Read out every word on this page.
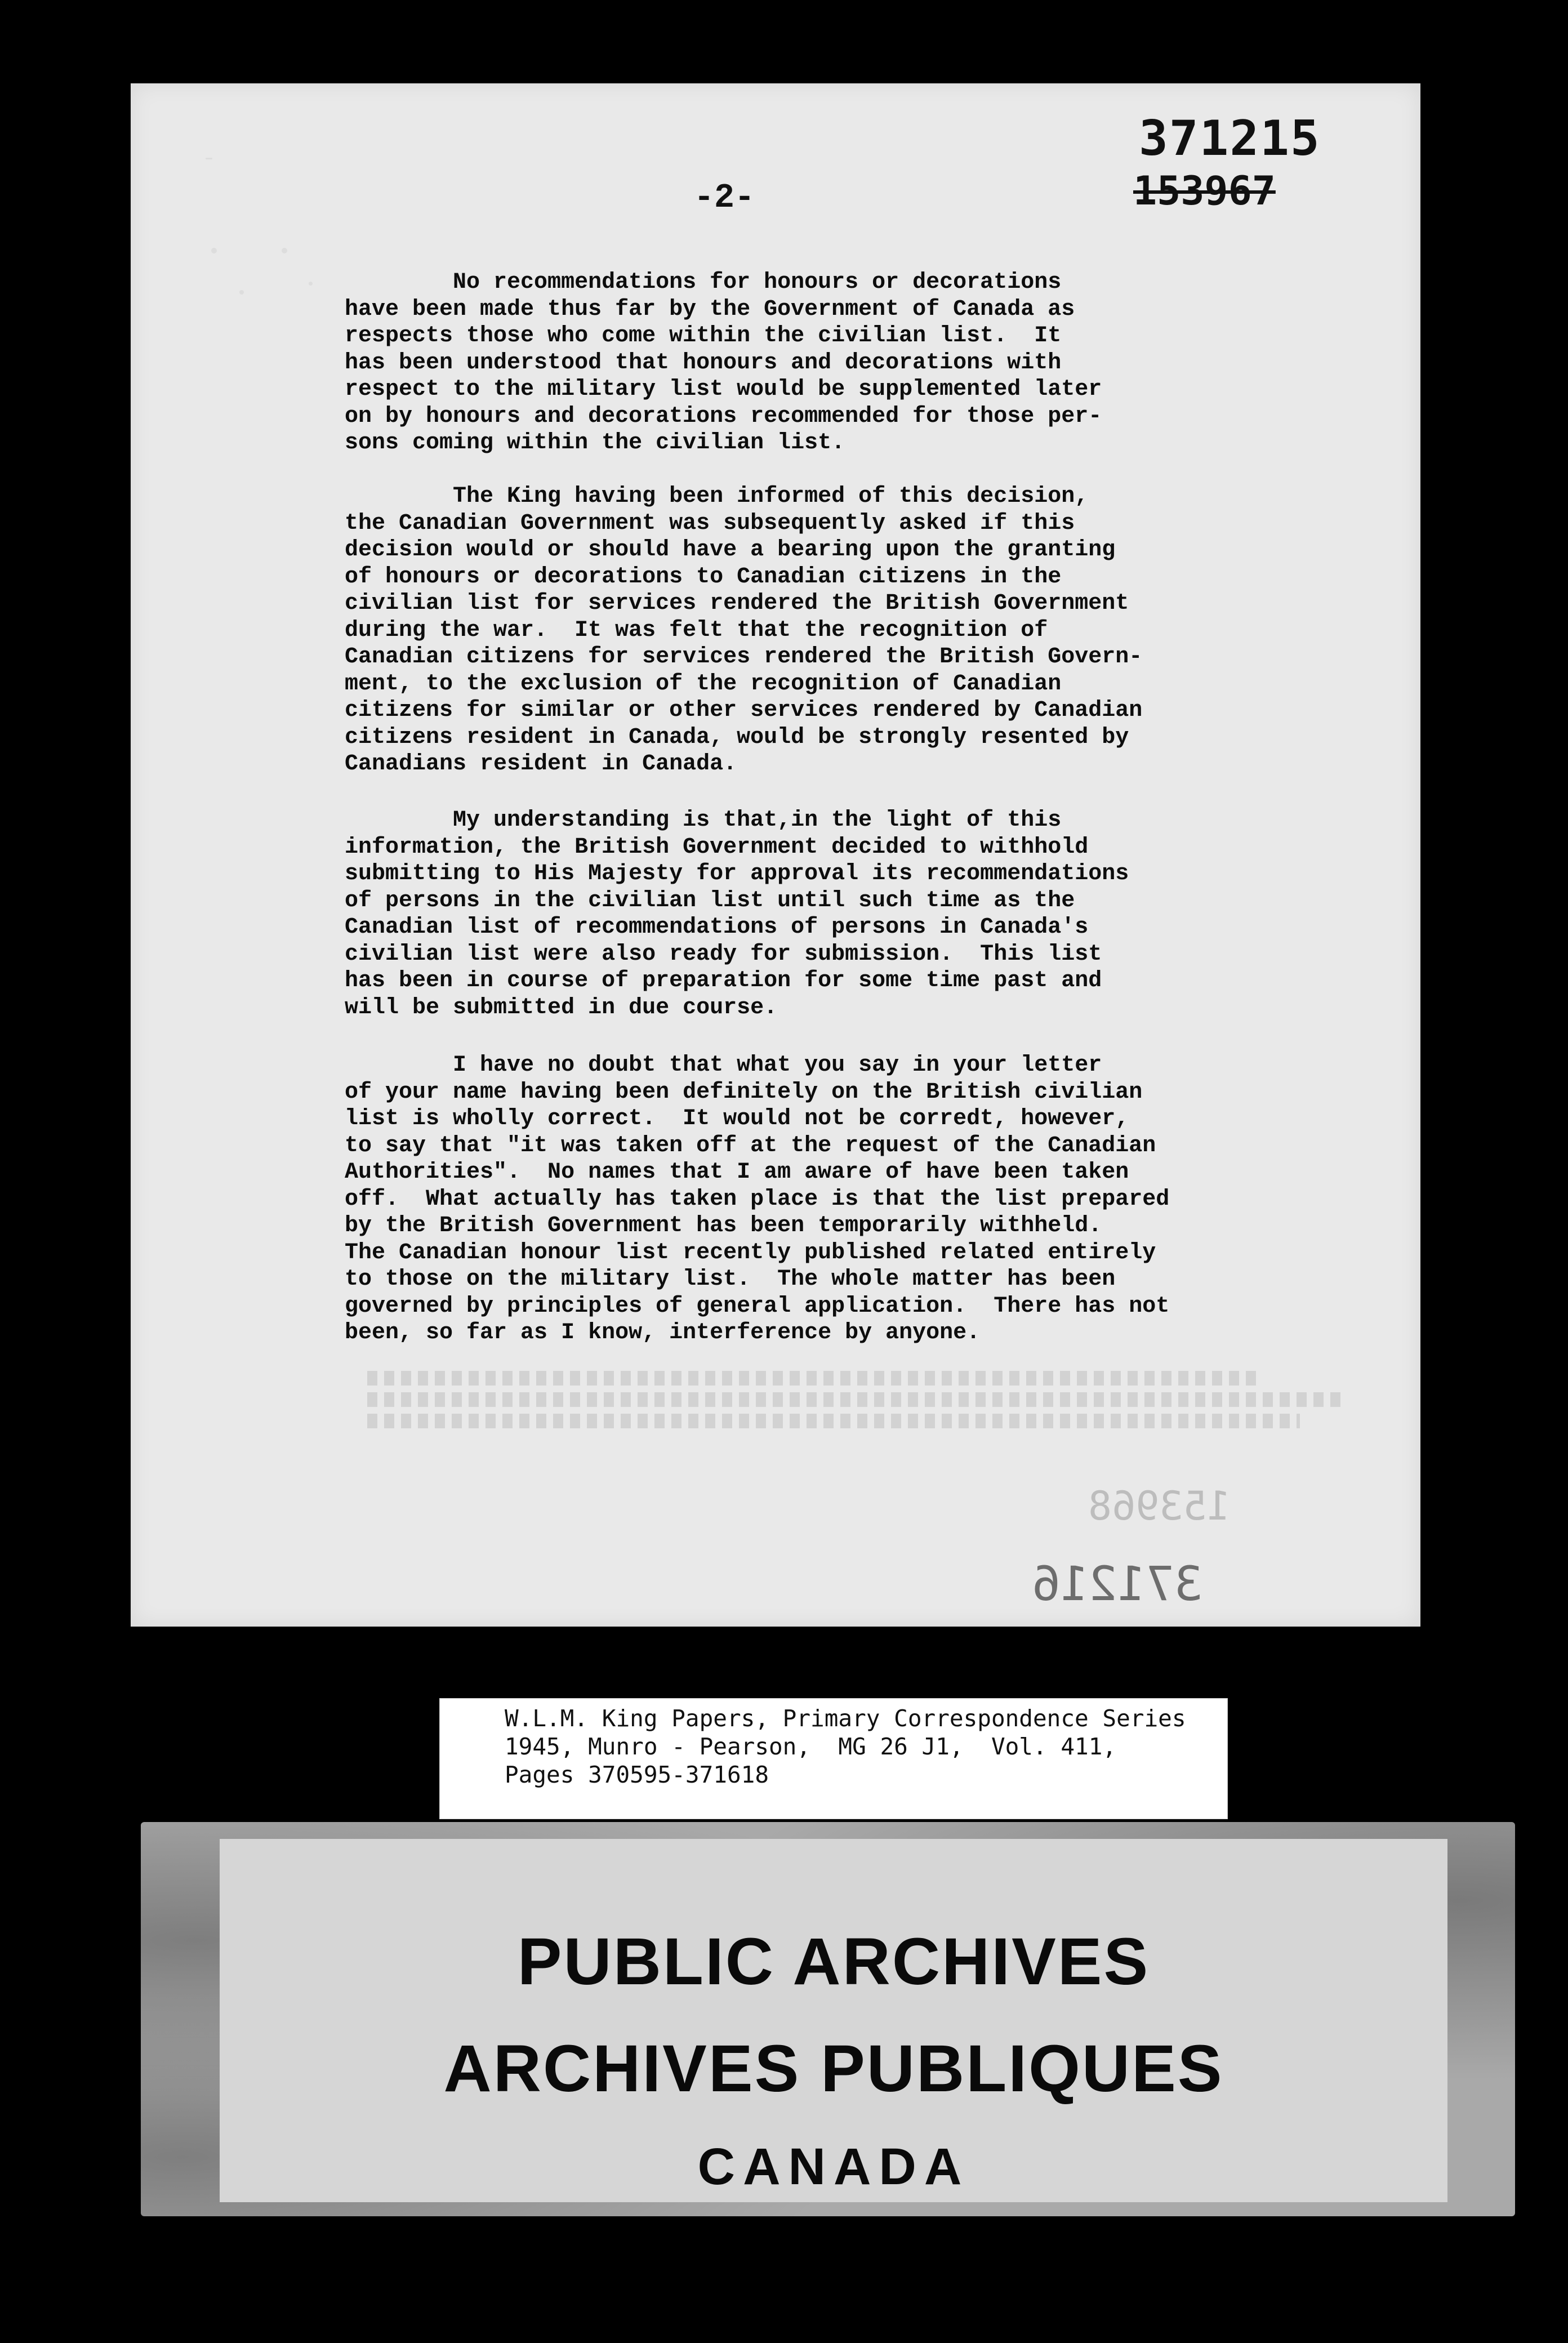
371215
153967
-2-

No recommendations for honours or decorations
have been made thus far by the Government of Canada as
respects those who come within the civilian list.  It
has been understood that honours and decorations with
respect to the military list would be supplemented later
on by honours and decorations recommended for those per-
sons coming within the civilian list.

The King having been informed of this decision,
the Canadian Government was subsequently asked if this
decision would or should have a bearing upon the granting
of honours or decorations to Canadian citizens in the
civilian list for services rendered the British Government
during the war.  It was felt that the recognition of
Canadian citizens for services rendered the British Govern-
ment, to the exclusion of the recognition of Canadian
citizens for similar or other services rendered by Canadian
citizens resident in Canada, would be strongly resented by
Canadians resident in Canada.

My understanding is that,in the light of this
information, the British Government decided to withhold
submitting to His Majesty for approval its recommendations
of persons in the civilian list until such time as the
Canadian list of recommendations of persons in Canada's
civilian list were also ready for submission.  This list
has been in course of preparation for some time past and
will be submitted in due course.

I have no doubt that what you say in your letter
of your name having been definitely on the British civilian
list is wholly correct.  It would not be corredt, however,
to say that "it was taken off at the request of the Canadian
Authorities".  No names that I am aware of have been taken
off.  What actually has taken place is that the list prepared
by the British Government has been temporarily withheld.
The Canadian honour list recently published related entirely
to those on the military list.  The whole matter has been
governed by principles of general application.  There has not
been, so far as I know, interference by anyone.

153968
371216
W.L.M. King Papers, Primary Correspondence Series
1945, Munro - Pearson,  MG 26 J1,  Vol. 411,
Pages 370595-371618

PUBLIC ARCHIVES

ARCHIVES PUBLIQUES

CANADA
